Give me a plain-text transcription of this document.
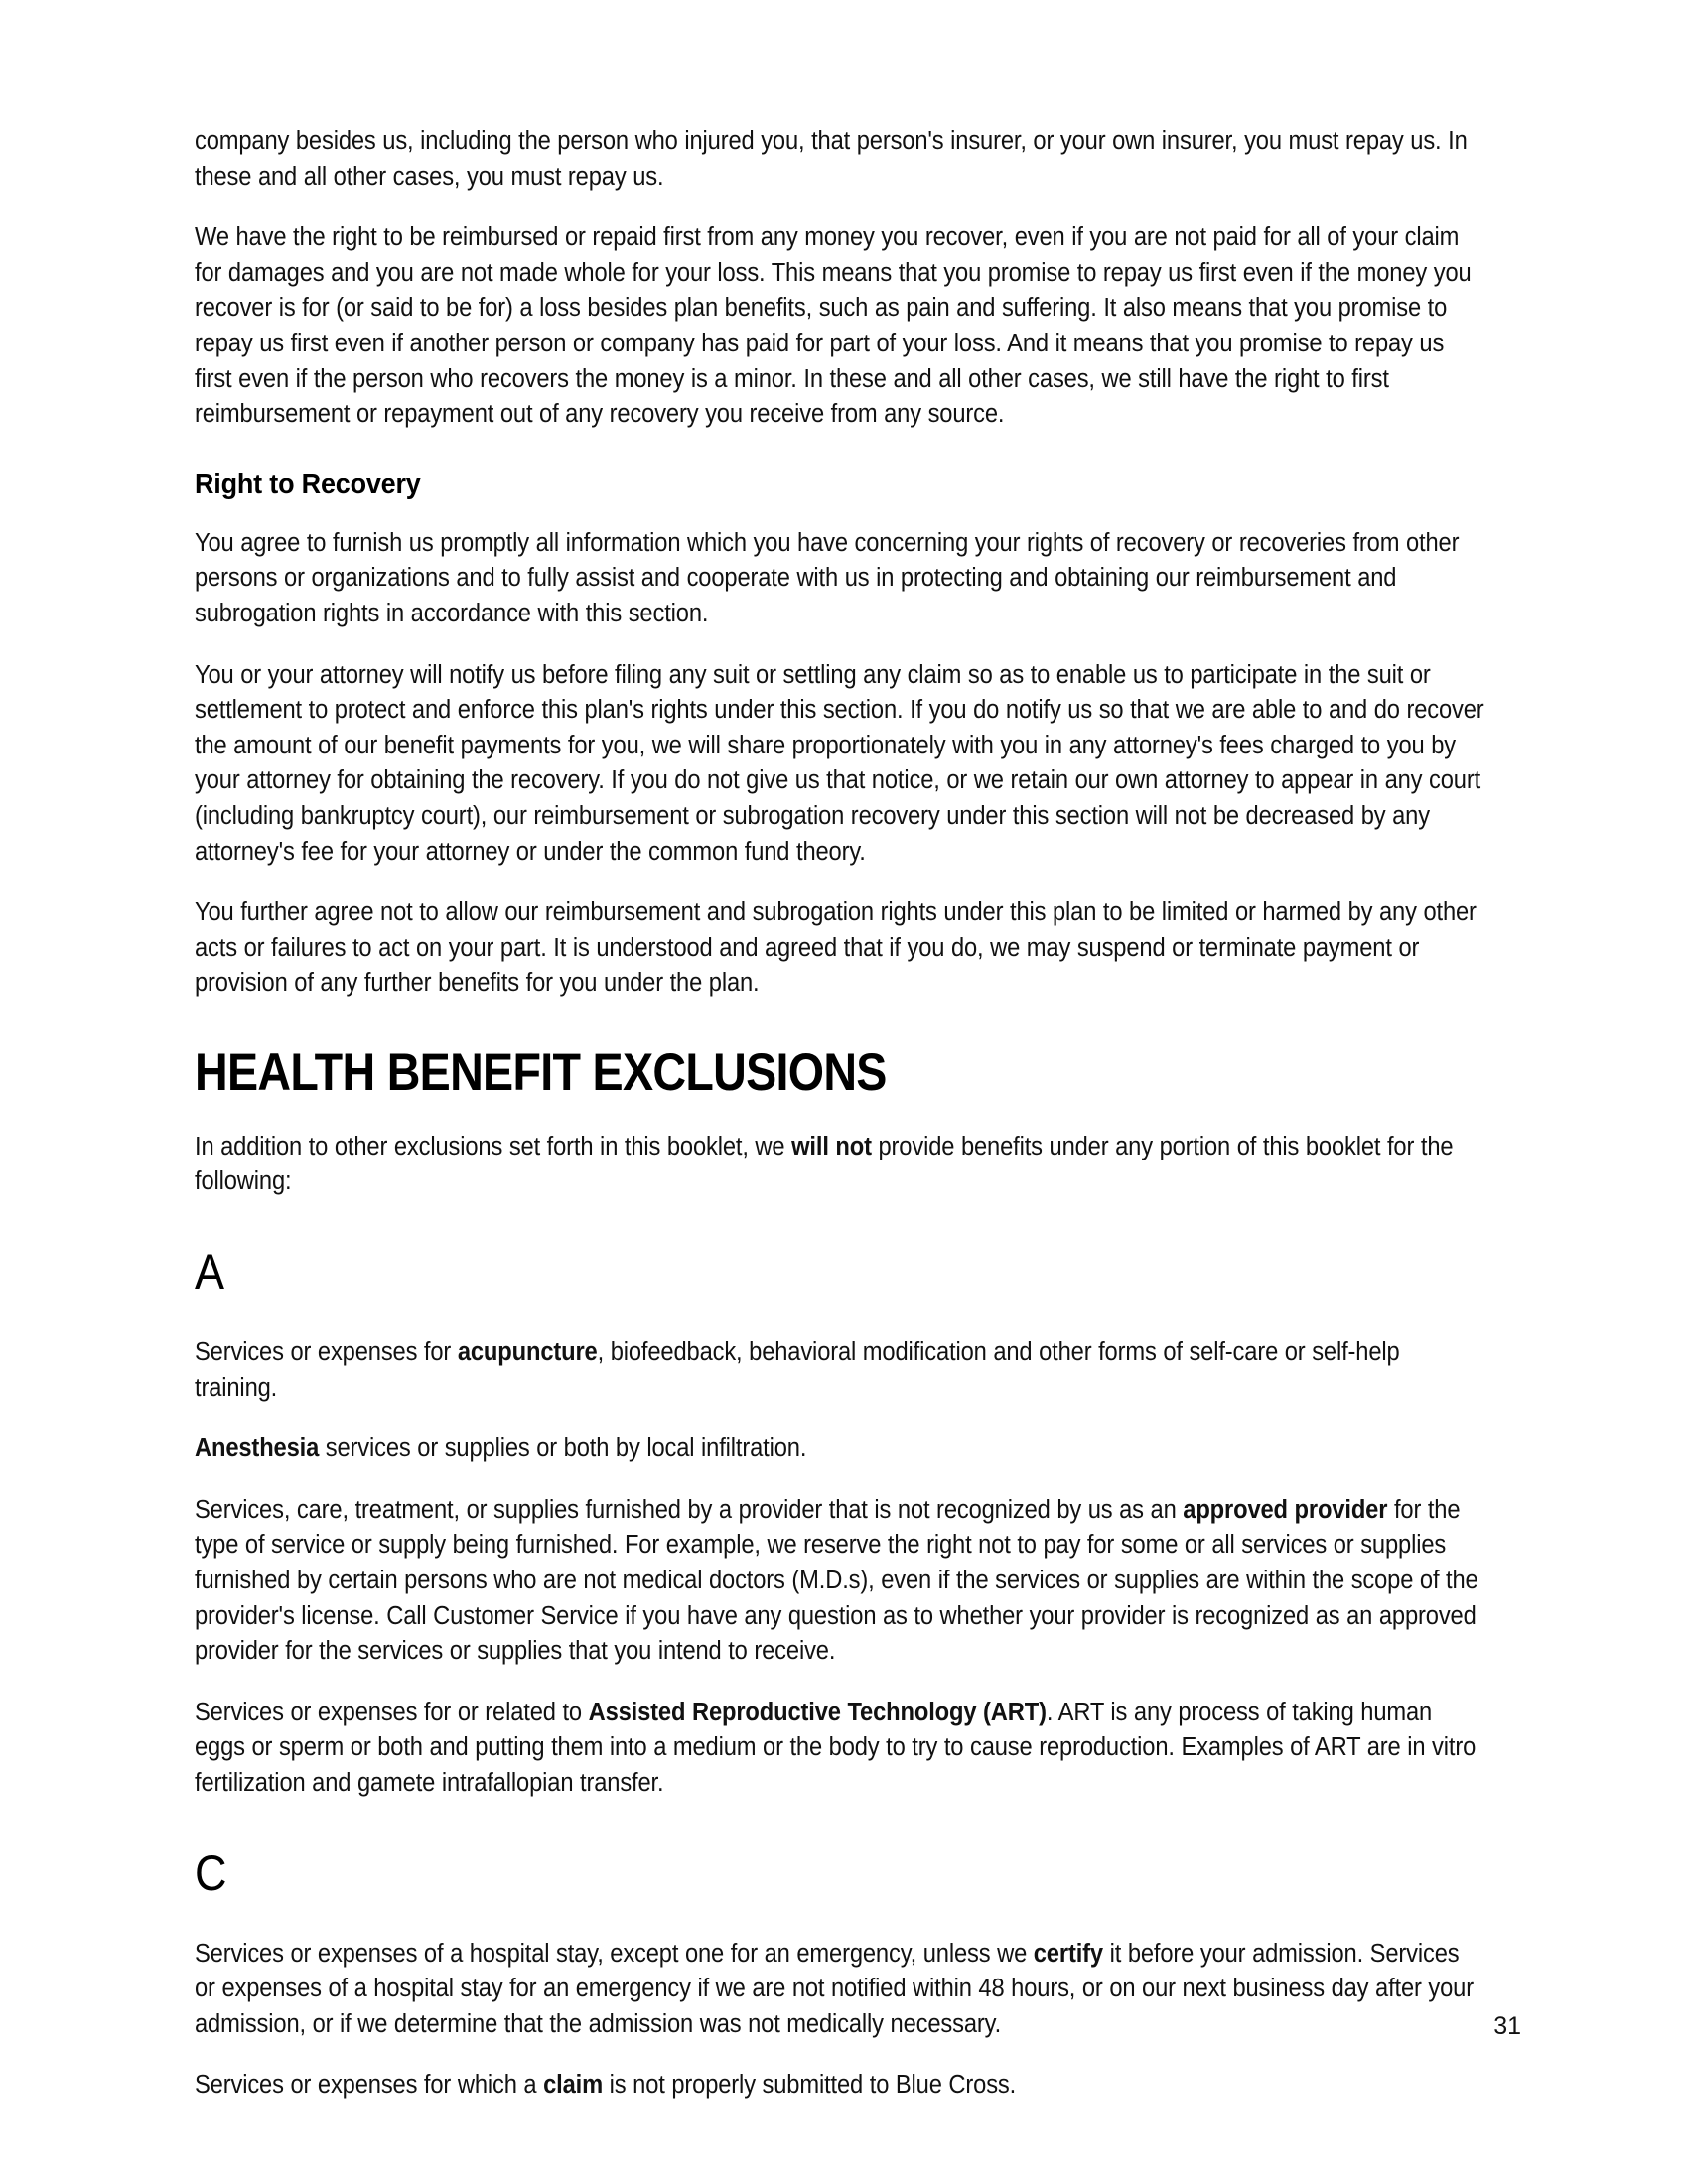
company besides us, including the person who injured you, that person's insurer, or your own insurer, you must repay us. In these and all other cases, you must repay us.
We have the right to be reimbursed or repaid first from any money you recover, even if you are not paid for all of your claim for damages and you are not made whole for your loss. This means that you promise to repay us first even if the money you recover is for (or said to be for) a loss besides plan benefits, such as pain and suffering. It also means that you promise to repay us first even if another person or company has paid for part of your loss. And it means that you promise to repay us first even if the person who recovers the money is a minor. In these and all other cases, we still have the right to first reimbursement or repayment out of any recovery you receive from any source.
Right to Recovery
You agree to furnish us promptly all information which you have concerning your rights of recovery or recoveries from other persons or organizations and to fully assist and cooperate with us in protecting and obtaining our reimbursement and subrogation rights in accordance with this section.
You or your attorney will notify us before filing any suit or settling any claim so as to enable us to participate in the suit or settlement to protect and enforce this plan's rights under this section. If you do notify us so that we are able to and do recover the amount of our benefit payments for you, we will share proportionately with you in any attorney's fees charged to you by your attorney for obtaining the recovery. If you do not give us that notice, or we retain our own attorney to appear in any court (including bankruptcy court), our reimbursement or subrogation recovery under this section will not be decreased by any attorney's fee for your attorney or under the common fund theory.
You further agree not to allow our reimbursement and subrogation rights under this plan to be limited or harmed by any other acts or failures to act on your part. It is understood and agreed that if you do, we may suspend or terminate payment or provision of any further benefits for you under the plan.
HEALTH BENEFIT EXCLUSIONS
In addition to other exclusions set forth in this booklet, we will not provide benefits under any portion of this booklet for the following:
A
Services or expenses for acupuncture, biofeedback, behavioral modification and other forms of self-care or self-help training.
Anesthesia services or supplies or both by local infiltration.
Services, care, treatment, or supplies furnished by a provider that is not recognized by us as an approved provider for the type of service or supply being furnished. For example, we reserve the right not to pay for some or all services or supplies furnished by certain persons who are not medical doctors (M.D.s), even if the services or supplies are within the scope of the provider's license. Call Customer Service if you have any question as to whether your provider is recognized as an approved provider for the services or supplies that you intend to receive.
Services or expenses for or related to Assisted Reproductive Technology (ART). ART is any process of taking human eggs or sperm or both and putting them into a medium or the body to try to cause reproduction. Examples of ART are in vitro fertilization and gamete intrafallopian transfer.
C
Services or expenses of a hospital stay, except one for an emergency, unless we certify it before your admission. Services or expenses of a hospital stay for an emergency if we are not notified within 48 hours, or on our next business day after your admission, or if we determine that the admission was not medically necessary.
Services or expenses for which a claim is not properly submitted to Blue Cross.
31
